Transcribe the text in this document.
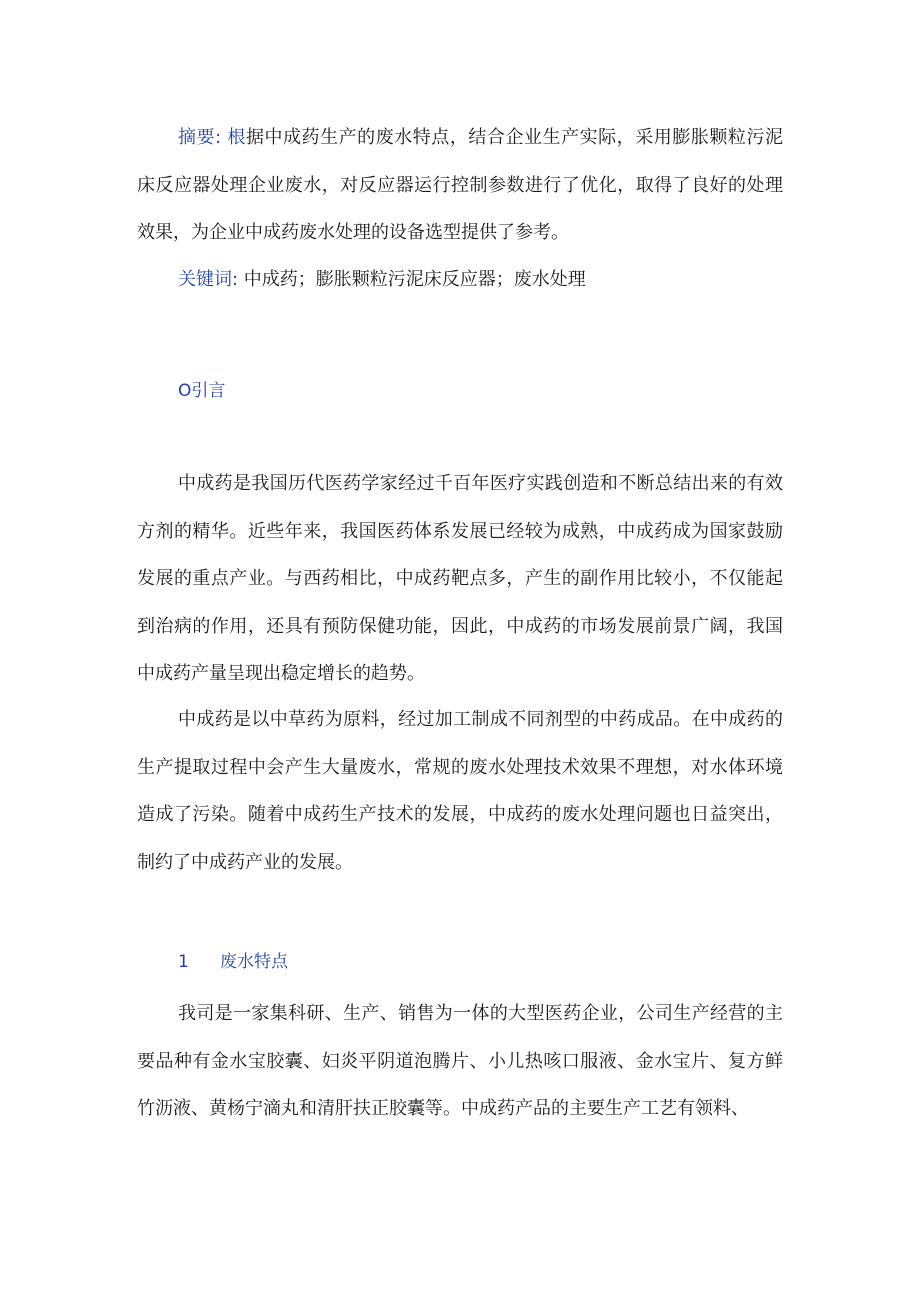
摘要: 根据中成药生产的废水特点，结合企业生产实际，采用膨胀颗粒污泥床反应器处理企业废水，对反应器运行控制参数进行了优化，取得了良好的处理效果，为企业中成药废水处理的设备选型提供了参考。

关键词: 中成药；膨胀颗粒污泥床反应器；废水处理

O引言

中成药是我国历代医药学家经过千百年医疗实践创造和不断总结出来的有效方剂的精华。近些年来，我国医药体系发展已经较为成熟，中成药成为国家鼓励发展的重点产业。与西药相比，中成药靶点多，产生的副作用比较小，不仅能起到治病的作用，还具有预防保健功能，因此，中成药的市场发展前景广阔，我国中成药产量呈现出稳定增长的趋势。

中成药是以中草药为原料，经过加工制成不同剂型的中药成品。在中成药的生产提取过程中会产生大量废水，常规的废水处理技术效果不理想，对水体环境造成了污染。随着中成药生产技术的发展，中成药的废水处理问题也日益突出，制约了中成药产业的发展。

1 废水特点

我司是一家集科研、生产、销售为一体的大型医药企业，公司生产经营的主要品种有金水宝胶囊、妇炎平阴道泡腾片、小儿热咳口服液、金水宝片、复方鲜竹沥液、黄杨宁滴丸和清肝扶正胶囊等。中成药产品的主要生产工艺有领料、
